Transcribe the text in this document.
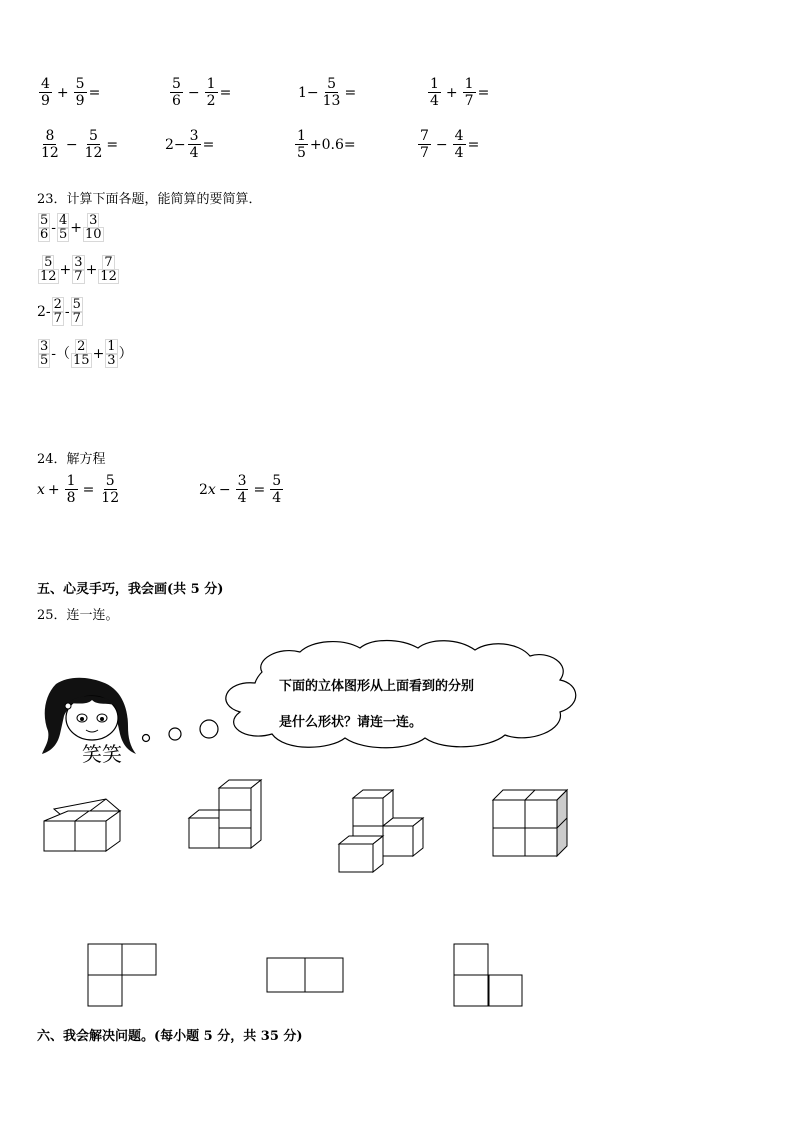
$\frac{4}{9} + \frac{5}{9}$ =	$\frac{5}{6} - \frac{1}{2}$ =	$1- \frac{5}{13}$ =	$\frac{1}{4} + \frac{1}{7}$ =
$\frac{8}{12} - \frac{5}{12}$ =	$2- \frac{3}{4}$ =	$\frac{1}{5} +0.6=$	$\frac{7}{7} - \frac{4}{4}$ =
23．计算下面各题，能简算的要简算．
$\frac{5}{6} - \frac{4}{5} + \frac{3}{10}$
$\frac{5}{12} + \frac{3}{7} + \frac{7}{12}$
$2- \frac{2}{7} - \frac{5}{7}$
$\frac{3}{5}$ -（ $\frac{2}{15} + \frac{1}{3}$ ）
24．解方程
$x + \frac{1}{8} = \frac{5}{12}$	2 $x - \frac{3}{4} = \frac{5}{4}$
五、心灵手巧，我会画(共 5 分)
25．连一连。
下面的立体图形从上面看到的分别
是什么形状？请连一连。
笑笑
六、我会解决问题。(每小题 5 分，共 35 分)
